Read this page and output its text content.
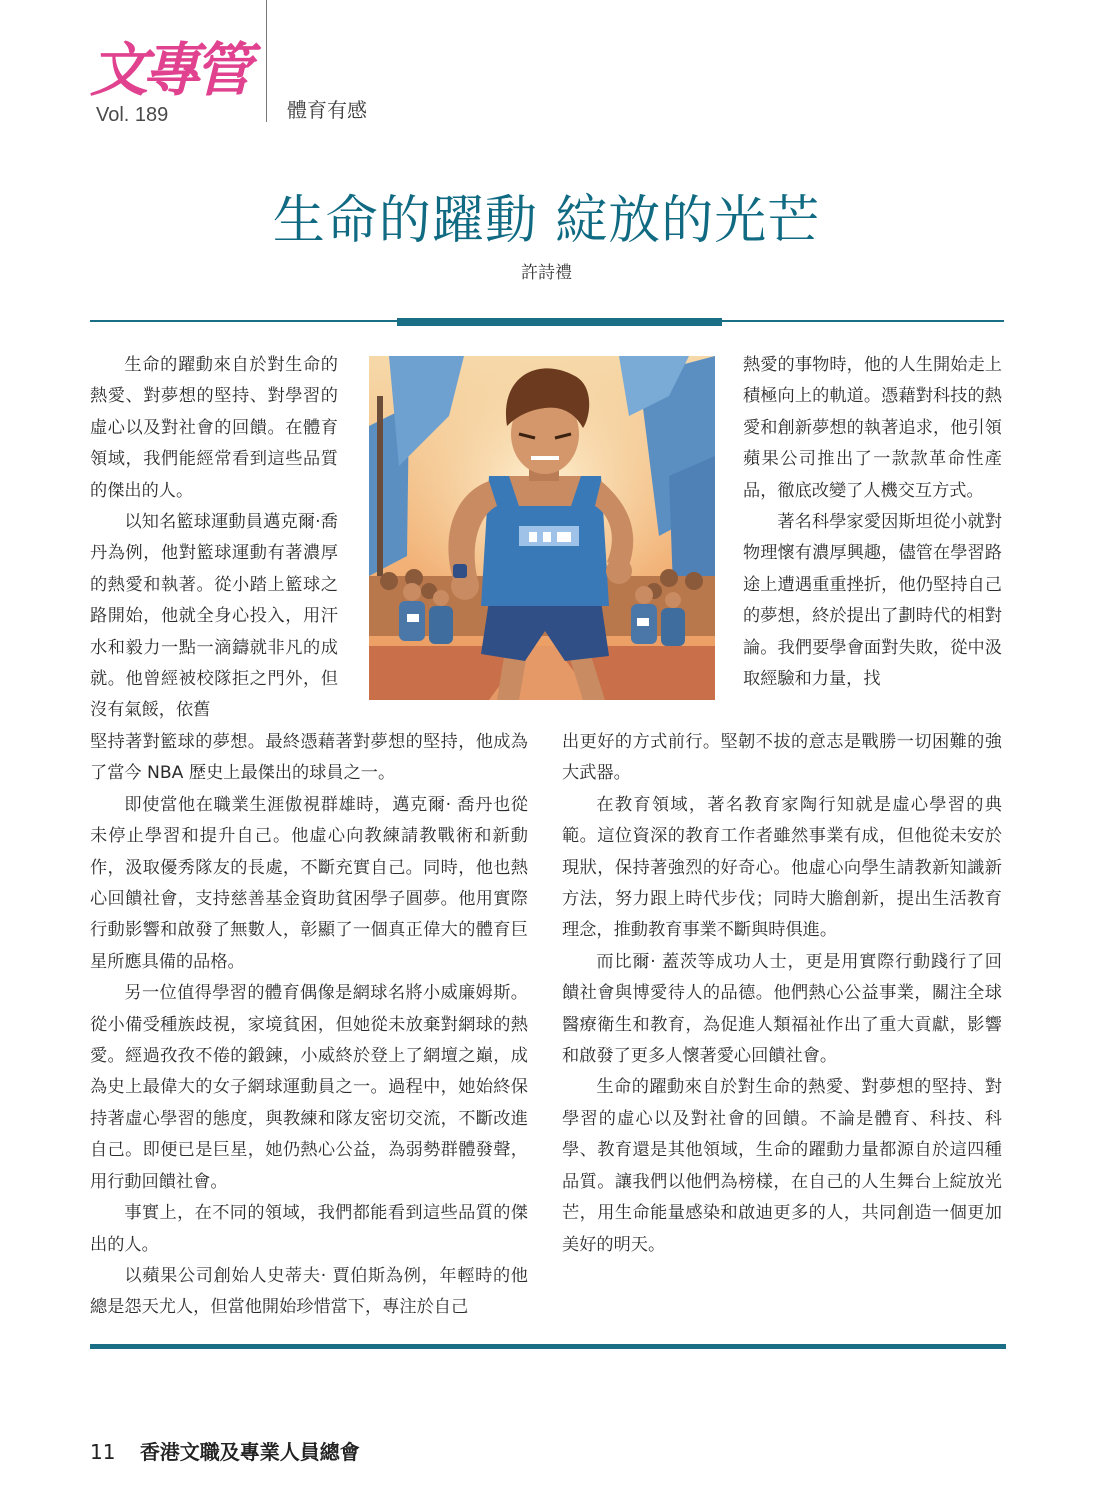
文專管
Vol. 189	體育有感
生命的躍動 綻放的光芒
許詩禮

生命的躍動來自於對生命的熱愛、對夢想的堅持、對學習的虛心以及對社會的回饋。在體育領域，我們能經常看到這些品質的傑出的人。

以知名籃球運動員邁克爾·喬丹為例，他對籃球運動有著濃厚的熱愛和執著。從小踏上籃球之路開始，他就全身心投入，用汗水和毅力一點一滴鑄就非凡的成就。他曾經被校隊拒之門外，但沒有氣餒，依舊

堅持著對籃球的夢想。最終憑藉著對夢想的堅持，他成為了當今 NBA 歷史上最傑出的球員之一。

即使當他在職業生涯傲視群雄時，邁克爾· 喬丹也從未停止學習和提升自己。他虛心向教練請教戰術和新動作，汲取優秀隊友的長處，不斷充實自己。同時，他也熱心回饋社會，支持慈善基金資助貧困學子圓夢。他用實際行動影響和啟發了無數人，彰顯了一個真正偉大的體育巨星所應具備的品格。

另一位值得學習的體育偶像是網球名將小威廉姆斯。從小備受種族歧視，家境貧困，但她從未放棄對網球的熱愛。經過孜孜不倦的鍛鍊，小威終於登上了網壇之巔，成為史上最偉大的女子網球運動員之一。過程中，她始終保持著虛心學習的態度，與教練和隊友密切交流，不斷改進自己。即便已是巨星，她仍熱心公益，為弱勢群體發聲，用行動回饋社會。

事實上，在不同的領域，我們都能看到這些品質的傑出的人。

以蘋果公司創始人史蒂夫· 賈伯斯為例，年輕時的他總是怨天尤人，但當他開始珍惜當下，專注於自己

熱愛的事物時，他的人生開始走上積極向上的軌道。憑藉對科技的熱愛和創新夢想的執著追求，他引領蘋果公司推出了一款款革命性產品，徹底改變了人機交互方式。

著名科學家愛因斯坦從小就對物理懷有濃厚興趣，儘管在學習路途上遭遇重重挫折，他仍堅持自己的夢想，終於提出了劃時代的相對論。我們要學會面對失敗，從中汲取經驗和力量，找

出更好的方式前行。堅韌不拔的意志是戰勝一切困難的強大武器。

在教育領域，著名教育家陶行知就是虛心學習的典範。這位資深的教育工作者雖然事業有成，但他從未安於現狀，保持著強烈的好奇心。他虛心向學生請教新知識新方法，努力跟上時代步伐；同時大膽創新，提出生活教育理念，推動教育事業不斷與時俱進。

而比爾· 蓋茨等成功人士，更是用實際行動踐行了回饋社會與博愛待人的品德。他們熱心公益事業，關注全球醫療衛生和教育，為促進人類福祉作出了重大貢獻，影響和啟發了更多人懷著愛心回饋社會。

生命的躍動來自於對生命的熱愛、對夢想的堅持、對學習的虛心以及對社會的回饋。不論是體育、科技、科學、教育還是其他領域，生命的躍動力量都源自於這四種品質。讓我們以他們為榜樣，在自己的人生舞台上綻放光芒，用生命能量感染和啟迪更多的人，共同創造一個更加美好的明天。

11 香港文職及專業人員總會
